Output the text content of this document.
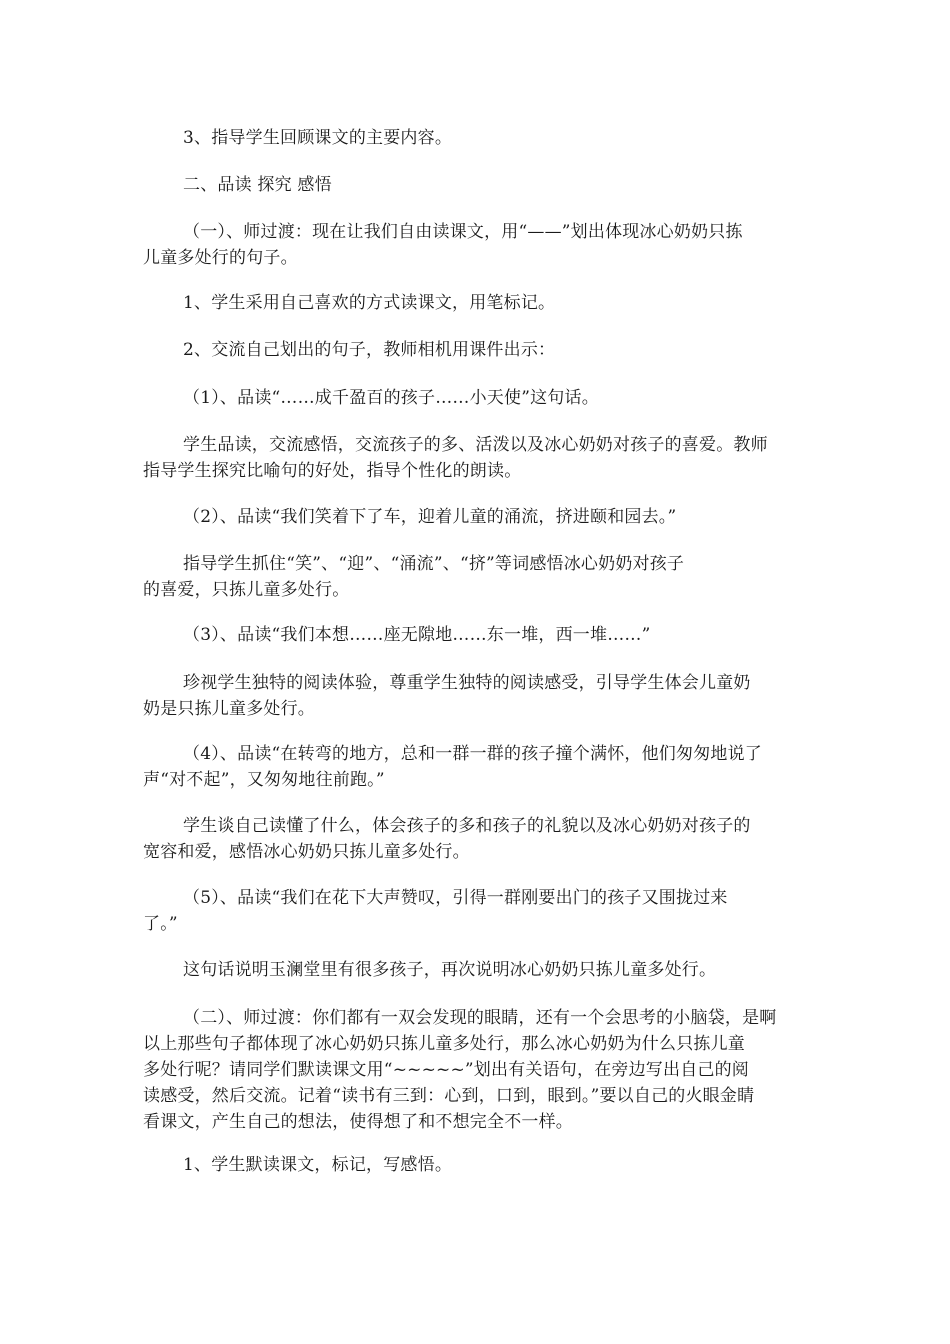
3、指导学生回顾课文的主要内容。

二、品读 探究 感悟

（一）、师过渡：现在让我们自由读课文，用“——”划出体现冰心奶奶只拣
儿童多处行的句子。

1、学生采用自己喜欢的方式读课文，用笔标记。

2、交流自己划出的句子，教师相机用课件出示：

（1）、品读“……成千盈百的孩子……小天使”这句话。

学生品读，交流感悟，交流孩子的多、活泼以及冰心奶奶对孩子的喜爱。教师
指导学生探究比喻句的好处，指导个性化的朗读。

（2）、品读“我们笑着下了车，迎着儿童的涌流，挤进颐和园去。”

指导学生抓住“笑”、“迎”、“涌流”、“挤”等词感悟冰心奶奶对孩子
的喜爱，只拣儿童多处行。

（3）、品读“我们本想……座无隙地……东一堆，西一堆……”

珍视学生独特的阅读体验，尊重学生独特的阅读感受，引导学生体会儿童奶
奶是只拣儿童多处行。

（4）、品读“在转弯的地方，总和一群一群的孩子撞个满怀，他们匆匆地说了
声“对不起”，又匆匆地往前跑。”

学生谈自己读懂了什么，体会孩子的多和孩子的礼貌以及冰心奶奶对孩子的
宽容和爱，感悟冰心奶奶只拣儿童多处行。

（5）、品读“我们在花下大声赞叹，引得一群刚要出门的孩子又围拢过来
了。”

这句话说明玉澜堂里有很多孩子，再次说明冰心奶奶只拣儿童多处行。

（二）、师过渡：你们都有一双会发现的眼睛，还有一个会思考的小脑袋，是啊
以上那些句子都体现了冰心奶奶只拣儿童多处行，那么冰心奶奶为什么只拣儿童
多处行呢？请同学们默读课文用“~~~~~”划出有关语句，在旁边写出自己的阅
读感受，然后交流。记着“读书有三到：心到，口到，眼到。”要以自己的火眼金睛
看课文，产生自己的想法，使得想了和不想完全不一样。

1、学生默读课文，标记，写感悟。
